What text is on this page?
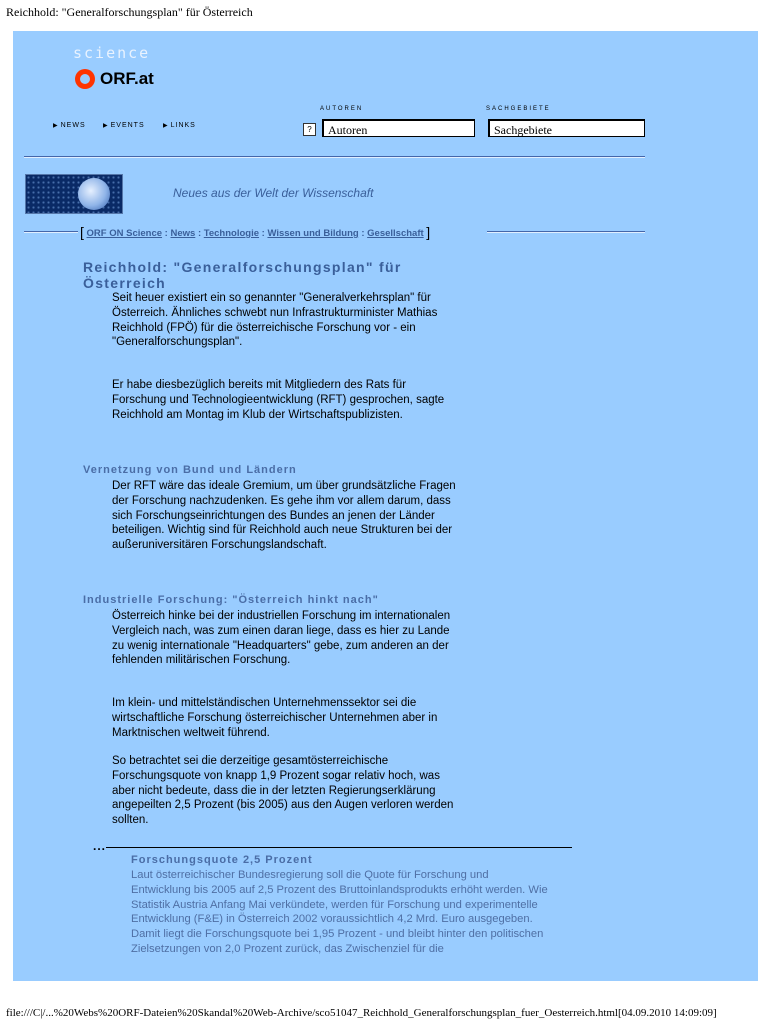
Reichhold: "Generalforschungsplan" für Österreich
science
ORF.at
▶ NEWS	▶ EVENTS	▶ LINKS
AUTOREN	SACHGEBIETE
?	Autoren	Sachgebiete
Neues aus der Welt der Wissenschaft
[ ORF ON Science : News : Technologie : Wissen und Bildung : Gesellschaft ]
Reichhold: "Generalforschungsplan" für Österreich
Seit heuer existiert ein so genannter "Generalverkehrsplan" für Österreich. Ähnliches schwebt nun Infrastrukturminister Mathias Reichhold (FPÖ) für die österreichische Forschung vor - ein "Generalforschungsplan".
Er habe diesbezüglich bereits mit Mitgliedern des Rats für Forschung und Technologieentwicklung (RFT) gesprochen, sagte Reichhold am Montag im Klub der Wirtschaftspublizisten.
Vernetzung von Bund und Ländern
Der RFT wäre das ideale Gremium, um über grundsätzliche Fragen der Forschung nachzudenken. Es gehe ihm vor allem darum, dass sich Forschungseinrichtungen des Bundes an jenen der Länder beteiligen. Wichtig sind für Reichhold auch neue Strukturen bei der außeruniversitären Forschungslandschaft.
Industrielle Forschung: "Österreich hinkt nach"
Österreich hinke bei der industriellen Forschung im internationalen Vergleich nach, was zum einen daran liege, dass es hier zu Lande zu wenig internationale "Headquarters" gebe, zum anderen an der fehlenden militärischen Forschung.
Im klein- und mittelständischen Unternehmenssektor sei die wirtschaftliche Forschung österreichischer Unternehmen aber in Marktnischen weltweit führend.
So betrachtet sei die derzeitige gesamtösterreichische Forschungsquote von knapp 1,9 Prozent sogar relativ hoch, was aber nicht bedeute, dass die in der letzten Regierungserklärung angepeilten 2,5 Prozent (bis 2005) aus den Augen verloren werden sollten.
...
Forschungsquote 2,5 Prozent
Laut österreichischer Bundesregierung soll die Quote für Forschung und Entwicklung bis 2005 auf 2,5 Prozent des Bruttoinlandsprodukts erhöht werden. Wie Statistik Austria Anfang Mai verkündete, werden für Forschung und experimentelle Entwicklung (F&E) in Österreich 2002 voraussichtlich 4,2 Mrd. Euro ausgegeben. Damit liegt die Forschungsquote bei 1,95 Prozent - und bleibt hinter den politischen Zielsetzungen von 2,0 Prozent zurück, das Zwischenziel für die
file:///C|/...%20Webs%20ORF-Dateien%20Skandal%20Web-Archive/sco51047_Reichhold_Generalforschungsplan_fuer_Oesterreich.html[04.09.2010 14:09:09]
